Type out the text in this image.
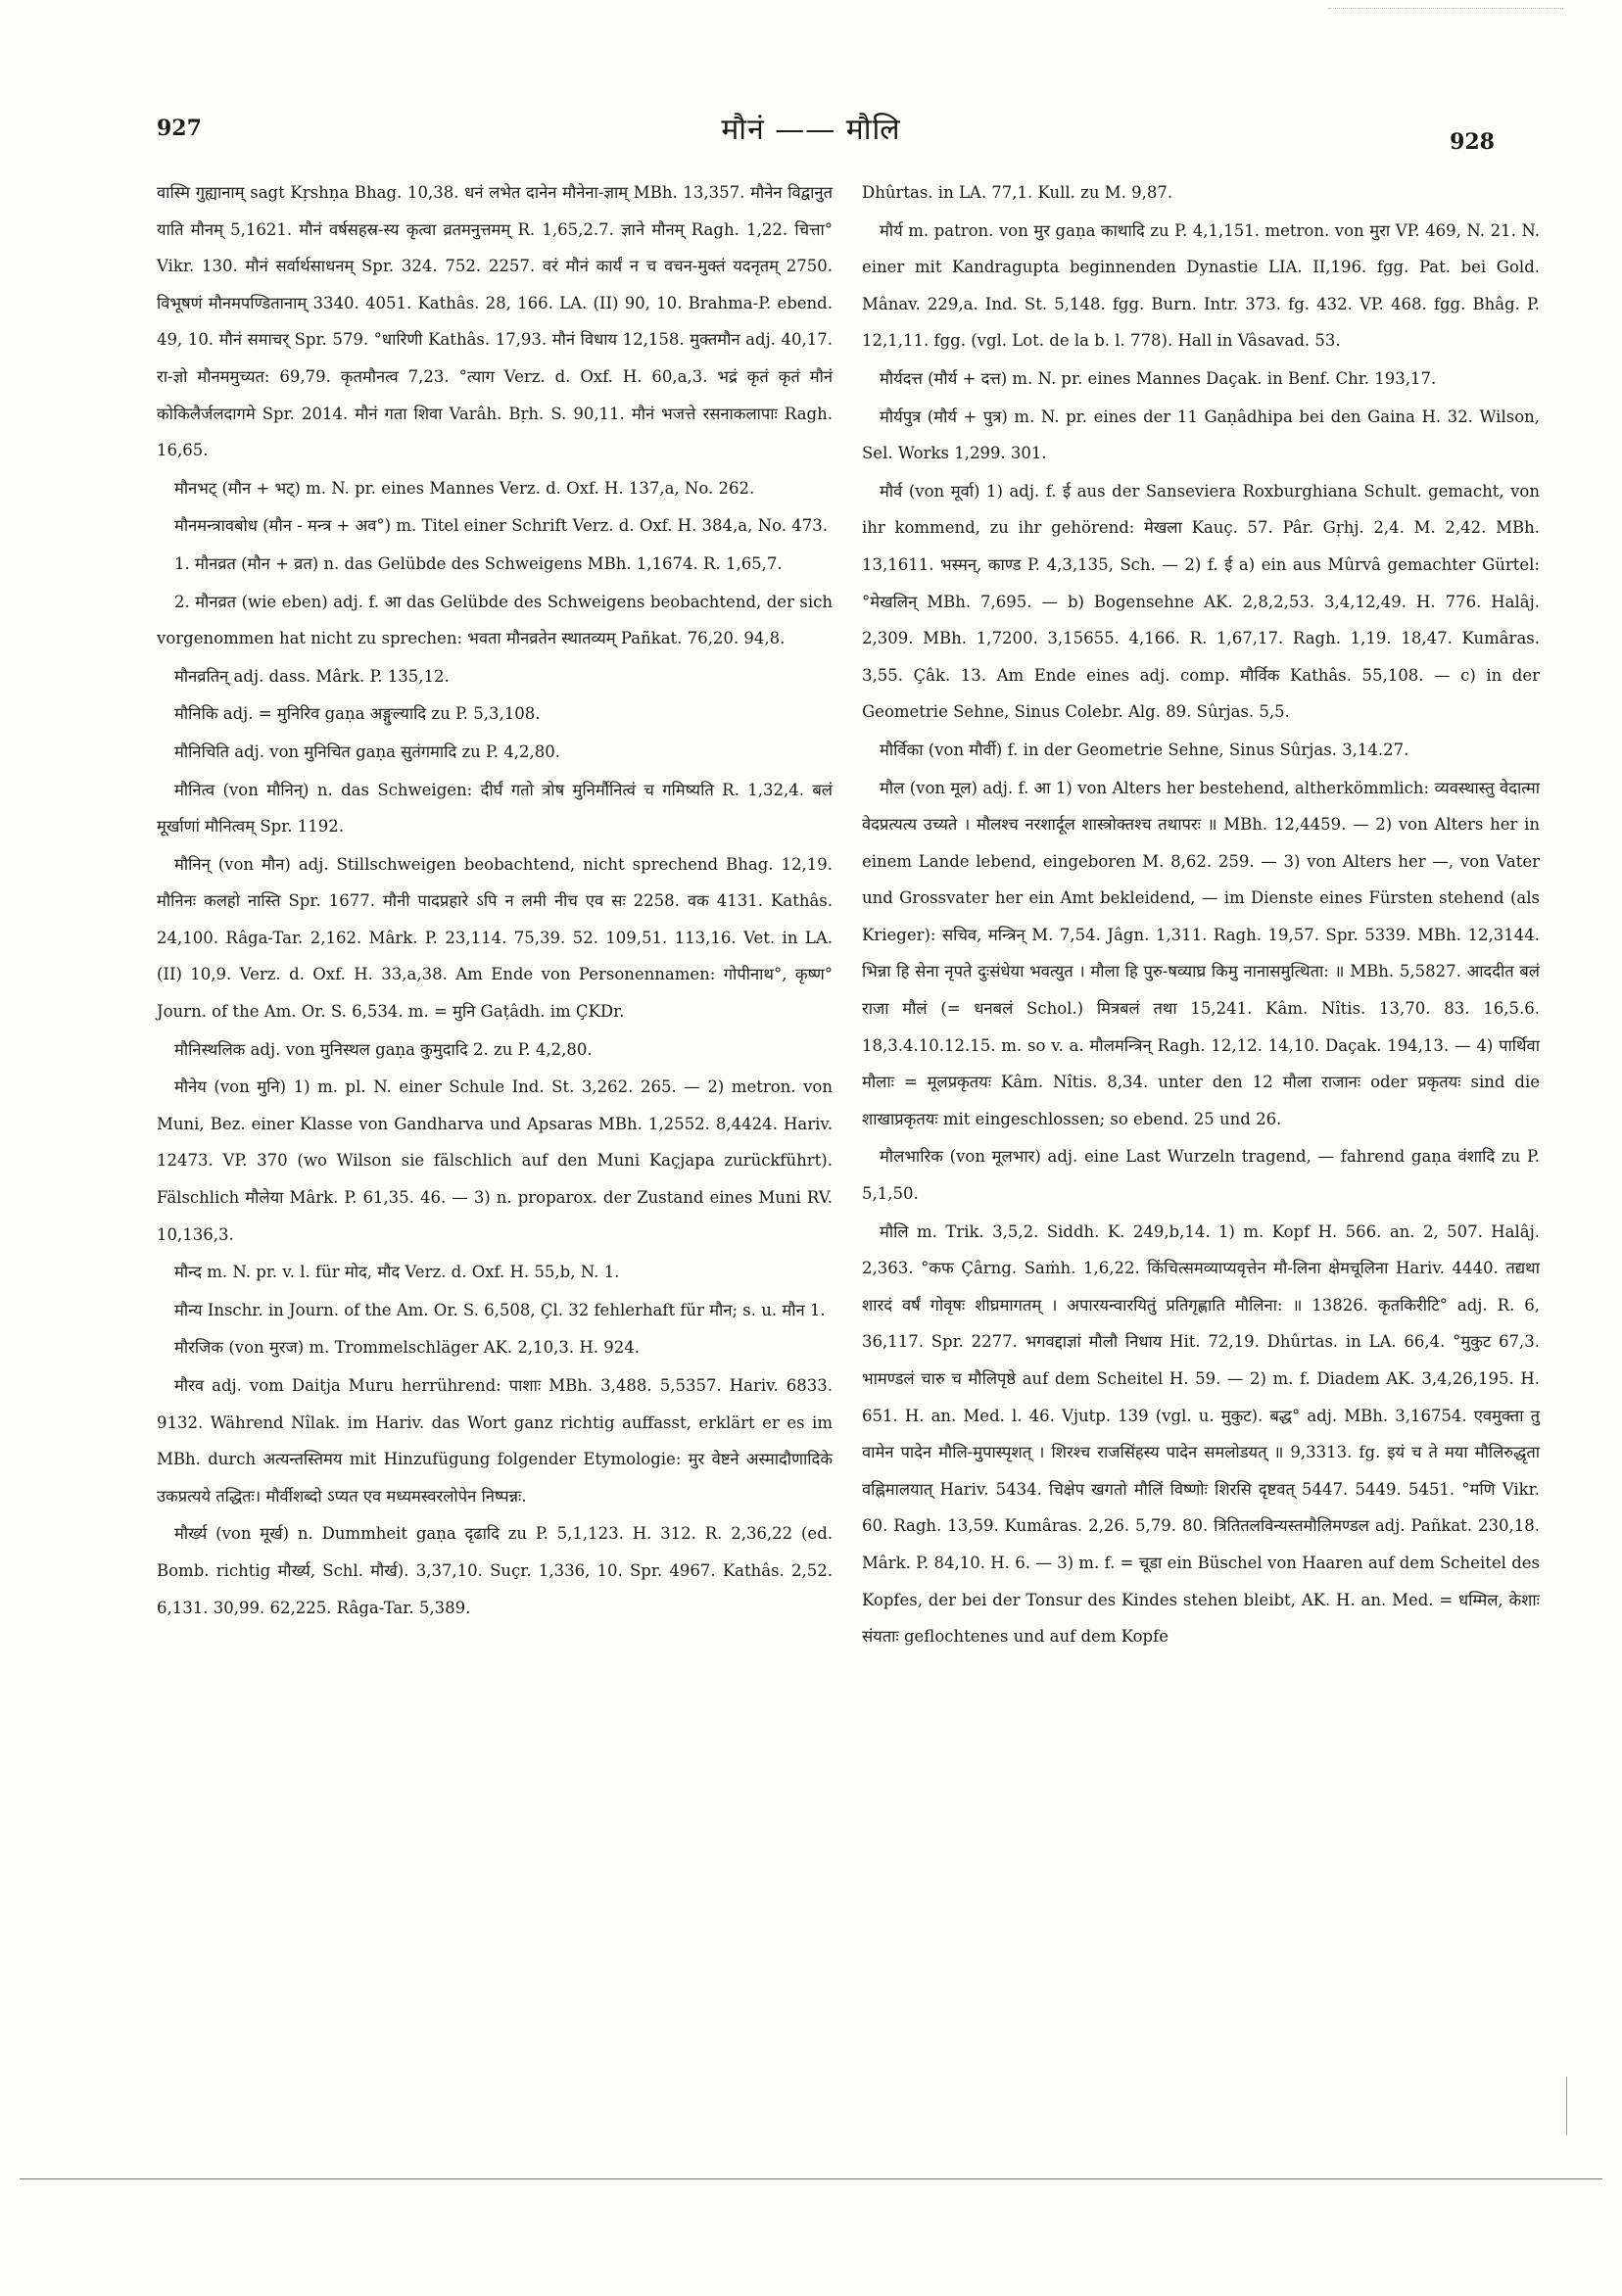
927	मौनं —— मौलि	928
वास्मि गुह्यानाम् sagt Kṛshṇa Bhag. 10,38. धनं लभेत दानेन मौनेना-ज्ञाम् MBh. 13,357. मौनेन विद्वानुत याति मौनम् 5,1621. मौनं वर्षसहस्र-स्य कृत्वा व्रतमनुत्तमम् R. 1,65,2.7. ज्ञाने मौनम् Ragh. 1,22. चित्ता° Vikr. 130. मौनं सर्वार्थसाधनम् Spr. 324. 752. 2257. वरं मौनं कार्यं न च वचन-मुक्तं यदनृतम् 2750. विभूषणं मौनमपण्डितानाम् 3340. 4051. Kathâs. 28, 166. LA. (II) 90, 10. Brahma-P. ebend. 49, 10. मौनं समाचर् Spr. 579. °धारिणी Kathâs. 17,93. मौनं विधाय 12,158. मुक्तमौन adj. 40,17. रा-ज्ञो मौनममुच्यत: 69,79. कृतमौनत्व 7,23. °त्याग Verz. d. Oxf. H. 60,a,3. भद्रं कृतं कृतं मौनं कोकिलैर्जलदागमे Spr. 2014. मौनं गता शिवा Varâh. Bṛh. S. 90,11. मौनं भजत्ते रसनाकलापाः Ragh. 16,65.
मौनभट् (मौन + भट्) m. N. pr. eines Mannes Verz. d. Oxf. H. 137,a, No. 262.
मौनमन्त्रावबोध (मौन - मन्त्र + अव°) m. Titel einer Schrift Verz. d. Oxf. H. 384,a, No. 473.
1. मौनव्रत (मौन + व्रत) n. das Gelübde des Schweigens MBh. 1,1674. R. 1,65,7.
2. मौनव्रत (wie eben) adj. f. आ das Gelübde des Schweigens beobachtend, der sich vorgenommen hat nicht zu sprechen: भवता मौनव्रतेन स्थातव्यम् Pañkat. 76,20. 94,8.
मौनव्रतिन् adj. dass. Mârk. P. 135,12.
मौनिकि adj. = मुनिरिव gaṇa अङ्गुल्यादि zu P. 5,3,108.
मौनिचिति adj. von मुनिचित gaṇa सुतंगमादि zu P. 4,2,80.
मौनित्व (von मौनिन्) n. das Schweigen: दीर्घं गतो त्रोष मुनिर्मौनित्वं च गमिष्यति R. 1,32,4. बलं मूर्खाणां मौनित्वम् Spr. 1192.
मौनिन् (von मौन) adj. Stillschweigen beobachtend, nicht sprechend Bhag. 12,19. मौनिनः कलहो नास्ति Spr. 1677. मौनी पादप्रहारे ऽपि न लमी नीच एव सः 2258. वक 4131. Kathâs. 24,100. Râga-Tar. 2,162. Mârk. P. 23,114. 75,39. 52. 109,51. 113,16. Vet. in LA. (II) 10,9. Verz. d. Oxf. H. 33,a,38. Am Ende von Personennamen: गोपीनाथ°, कृष्ण° Journ. of the Am. Or. S. 6,534. m. = मुनि Gaṭâdh. im ÇKDr.
मौनिस्थलिक adj. von मुनिस्थल gaṇa कुमुदादि 2. zu P. 4,2,80.
मौनेय (von मुनि) 1) m. pl. N. einer Schule Ind. St. 3,262. 265. — 2) metron. von Muni, Bez. einer Klasse von Gandharva und Apsaras MBh. 1,2552. 8,4424. Hariv. 12473. VP. 370 (wo Wilson sie fälschlich auf den Muni Kaçjapa zurückführt). Fälschlich मौलेया Mârk. P. 61,35. 46. — 3) n. proparox. der Zustand eines Muni RV. 10,136,3.
मौन्द m. N. pr. v. l. für मोद, मौद Verz. d. Oxf. H. 55,b, N. 1.
मौन्य Inschr. in Journ. of the Am. Or. S. 6,508, Çl. 32 fehlerhaft für मौन; s. u. मौन 1.
मौरजिक (von मुरज) m. Trommelschläger AK. 2,10,3. H. 924.
मौरव adj. vom Daitja Muru herrührend: पाशाः MBh. 3,488. 5,5357. Hariv. 6833. 9132. Während Nîlak. im Hariv. das Wort ganz richtig auffasst, erklärt er es im MBh. durch अत्यन्तस्तिमय mit Hinzufügung folgender Etymologie: मुर वेष्टने अस्मादौणादिके उकप्रत्यये तद्धितः। मौर्वीशब्दो ऽप्यत एव मध्यमस्वरलोपेन निष्पन्नः.
मौर्ख्य (von मूर्ख) n. Dummheit gaṇa दृढादि zu P. 5,1,123. H. 312. R. 2,36,22 (ed. Bomb. richtig मौर्ख्य, Schl. मौर्ख). 3,37,10. Suçr. 1,336, 10. Spr. 4967. Kathâs. 2,52. 6,131. 30,99. 62,225. Râga-Tar. 5,389.
Dhûrtas. in LA. 77,1. Kull. zu M. 9,87.
मौर्य m. patron. von मुर gaṇa काथादि zu P. 4,1,151. metron. von मुरा VP. 469, N. 21. N. einer mit Kandragupta beginnenden Dynastie LIA. II,196. fgg. Pat. bei Gold. Mânav. 229,a. Ind. St. 5,148. fgg. Burn. Intr. 373. fg. 432. VP. 468. fgg. Bhâg. P. 12,1,11. fgg. (vgl. Lot. de la b. l. 778). Hall in Vâsavad. 53.
मौर्यदत्त (मौर्य + दत्त) m. N. pr. eines Mannes Daçak. in Benf. Chr. 193,17.
मौर्यपुत्र (मौर्य + पुत्र) m. N. pr. eines der 11 Gaṇâdhipa bei den Gaina H. 32. Wilson, Sel. Works 1,299. 301.
मौर्व (von मूर्वा) 1) adj. f. ई aus der Sanseviera Roxburghiana Schult. gemacht, von ihr kommend, zu ihr gehörend: मेखला Kauç. 57. Pâr. Gṛhj. 2,4. M. 2,42. MBh. 13,1611. भस्मन्, काण्ड P. 4,3,135, Sch. — 2) f. ई a) ein aus Mûrvâ gemachter Gürtel: °मेखलिन् MBh. 7,695. — b) Bogensehne AK. 2,8,2,53. 3,4,12,49. H. 776. Halâj. 2,309. MBh. 1,7200. 3,15655. 4,166. R. 1,67,17. Ragh. 1,19. 18,47. Kumâras. 3,55. Çâk. 13. Am Ende eines adj. comp. मौर्विक Kathâs. 55,108. — c) in der Geometrie Sehne, Sinus Colebr. Alg. 89. Sûrjas. 5,5.
मौर्विका (von मौर्वी) f. in der Geometrie Sehne, Sinus Sûrjas. 3,14.27.
मौल (von मूल) adj. f. आ 1) von Alters her bestehend, altherkömmlich: व्यवस्थास्तु वेदात्मा वेदप्रत्यत्य उच्यते । मौलश्च नरशार्दूल शास्त्रोक्तश्च तथापरः ॥ MBh. 12,4459. — 2) von Alters her in einem Lande lebend, eingeboren M. 8,62. 259. — 3) von Alters her —, von Vater und Grossvater her ein Amt bekleidend, — im Dienste eines Fürsten stehend (als Krieger): सचिव, मन्त्रिन् M. 7,54. Jâgn. 1,311. Ragh. 19,57. Spr. 5339. MBh. 12,3144. भिन्ना हि सेना नृपते दुःसंधेया भवत्युत । मौला हि पुरु-षव्याघ्र किमु नानासमुत्थिता: ॥ MBh. 5,5827. आददीत बलं राजा मौलं (= धनबलं Schol.) मित्रबलं तथा 15,241. Kâm. Nîtis. 13,70. 83. 16,5.6. 18,3.4.10.12.15. m. so v. a. मौलमन्त्रिन् Ragh. 12,12. 14,10. Daçak. 194,13. — 4) पार्थिवा मौलाः = मूलप्रकृतयः Kâm. Nîtis. 8,34. unter den 12 मौला राजानः oder प्रकृतयः sind die शाखाप्रकृतयः mit eingeschlossen; so ebend. 25 und 26.
मौलभारिक (von मूलभार) adj. eine Last Wurzeln tragend, — fahrend gaṇa वंशादि zu P. 5,1,50.
मौलि m. Trik. 3,5,2. Siddh. K. 249,b,14. 1) m. Kopf H. 566. an. 2, 507. Halâj. 2,363. °कफ Çârng. Saṁh. 1,6,22. किंचित्समव्याप्यवृत्तेन मौ-लिना क्षेमचूलिना Hariv. 4440. तद्यथा शारदं वर्षं गोवृषः शीघ्रमागतम् । अपारयन्वारयितुं प्रतिगृह्णाति मौलिना: ॥ 13826. कृतकिरीटि° adj. R. 6, 36,117. Spr. 2277. भगवद्दाज्ञां मौलौ निधाय Hit. 72,19. Dhûrtas. in LA. 66,4. °मुकुट 67,3. भामण्डलं चारु च मौलिपृष्ठे auf dem Scheitel H. 59. — 2) m. f. Diadem AK. 3,4,26,195. H. 651. H. an. Med. l. 46. Vjutp. 139 (vgl. u. मुकुट). बद्ध° adj. MBh. 3,16754. एवमुक्ता तु वामेन पादेन मौलि-मुपास्पृशत् । शिरश्च राजसिंहस्य पादेन समलोडयत् ॥ 9,3313. fg. इयं च ते मया मौलिरुद्धृता वह्निमालयात् Hariv. 5434. चिक्षेप खगतो मौलिं विष्णोः शिरसि दृष्टवत् 5447. 5449. 5451. °मणि Vikr. 60. Ragh. 13,59. Kumâras. 2,26. 5,79. 80. त्रितितलविन्यस्तमौलिमण्डल adj. Pañkat. 230,18. Mârk. P. 84,10. H. 6. — 3) m. f. = चूडा ein Büschel von Haaren auf dem Scheitel des Kopfes, der bei der Tonsur des Kindes stehen bleibt, AK. H. an. Med. = धम्मिल, केशाः संयताः geflochtenes und auf dem Kopfe
